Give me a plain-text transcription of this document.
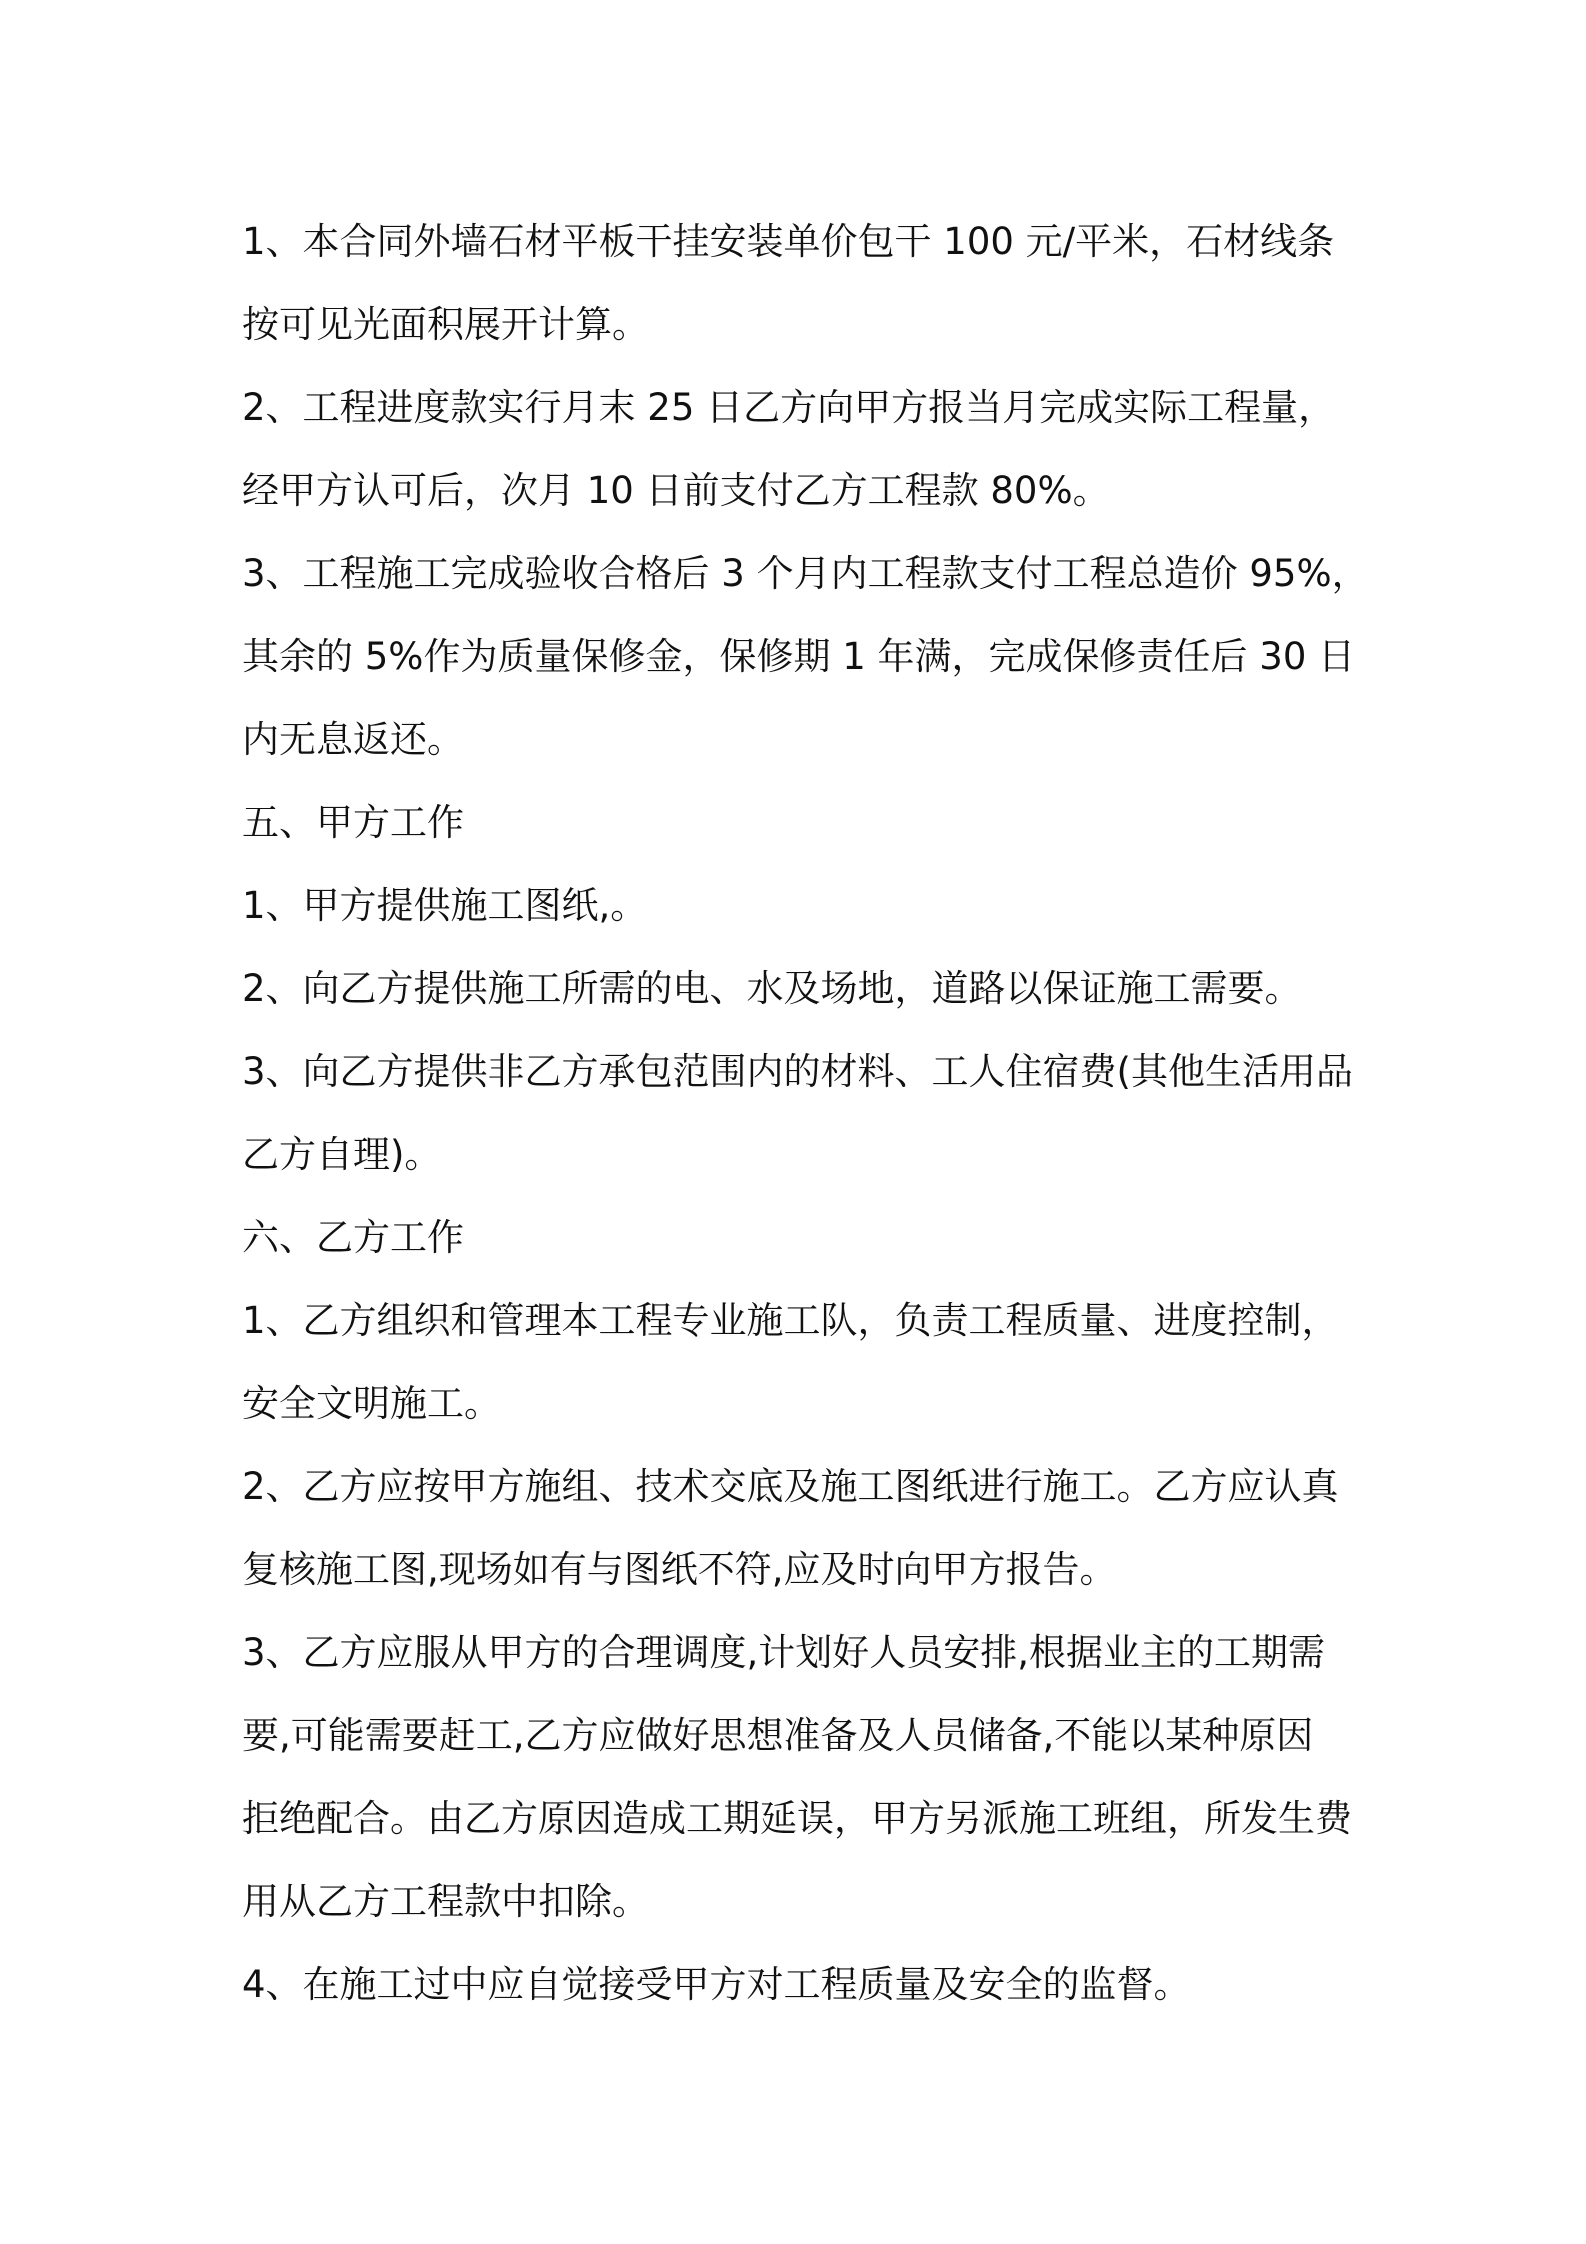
1、本合同外墙石材平板干挂安装单价包干 100 元/平米，石材线条

按可见光面积展开计算。

2、工程进度款实行月末 25 日乙方向甲方报当月完成实际工程量，

经甲方认可后，次月 10 日前支付乙方工程款 80%。

3、工程施工完成验收合格后 3 个月内工程款支付工程总造价 95%，

其余的 5%作为质量保修金，保修期 1 年满，完成保修责任后 30 日

内无息返还。

五、甲方工作

1、甲方提供施工图纸,。

2、向乙方提供施工所需的电、水及场地，道路以保证施工需要。

3、向乙方提供非乙方承包范围内的材料、工人住宿费(其他生活用品

乙方自理)。

六、乙方工作

1、乙方组织和管理本工程专业施工队，负责工程质量、进度控制，

安全文明施工。

2、乙方应按甲方施组、技术交底及施工图纸进行施工。乙方应认真

复核施工图,现场如有与图纸不符,应及时向甲方报告。

3、乙方应服从甲方的合理调度,计划好人员安排,根据业主的工期需

要,可能需要赶工,乙方应做好思想准备及人员储备,不能以某种原因

拒绝配合。由乙方原因造成工期延误，甲方另派施工班组，所发生费

用从乙方工程款中扣除。

4、在施工过中应自觉接受甲方对工程质量及安全的监督。
